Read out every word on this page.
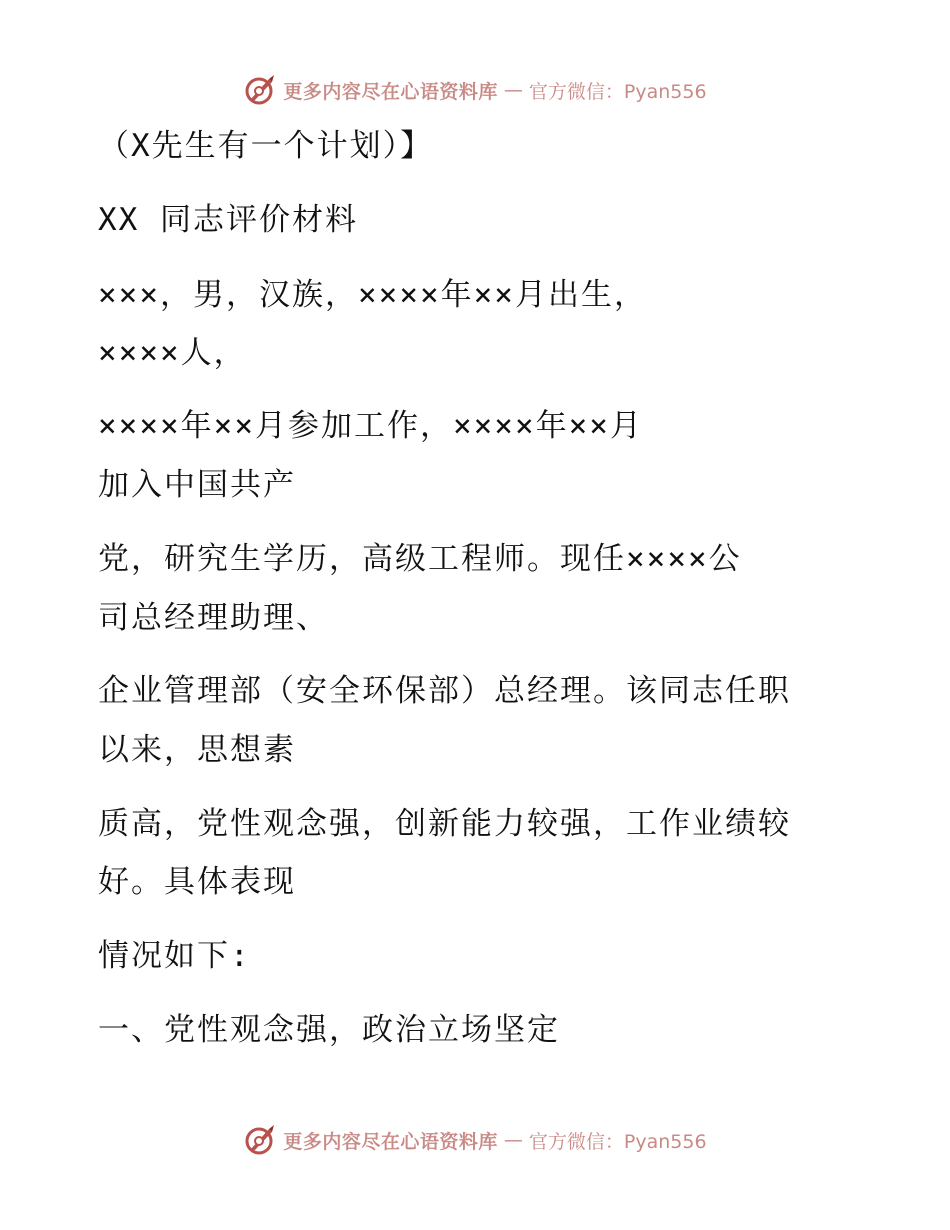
更多内容尽在心语资料库 — 官方微信：Pyan556
（X先生有一个计划）】
XX 同志评价材料
×××，男，汉族，××××年××月出生，
××××人，
××××年××月参加工作，××××年××月
加入中国共产
党，研究生学历，高级工程师。现任××××公
司总经理助理、
企业管理部（安全环保部）总经理。该同志任职
以来，思想素
质高，党性观念强，创新能力较强，工作业绩较
好。具体表现
情况如下:
一、党性观念强，政治立场坚定
更多内容尽在心语资料库 — 官方微信：Pyan556
